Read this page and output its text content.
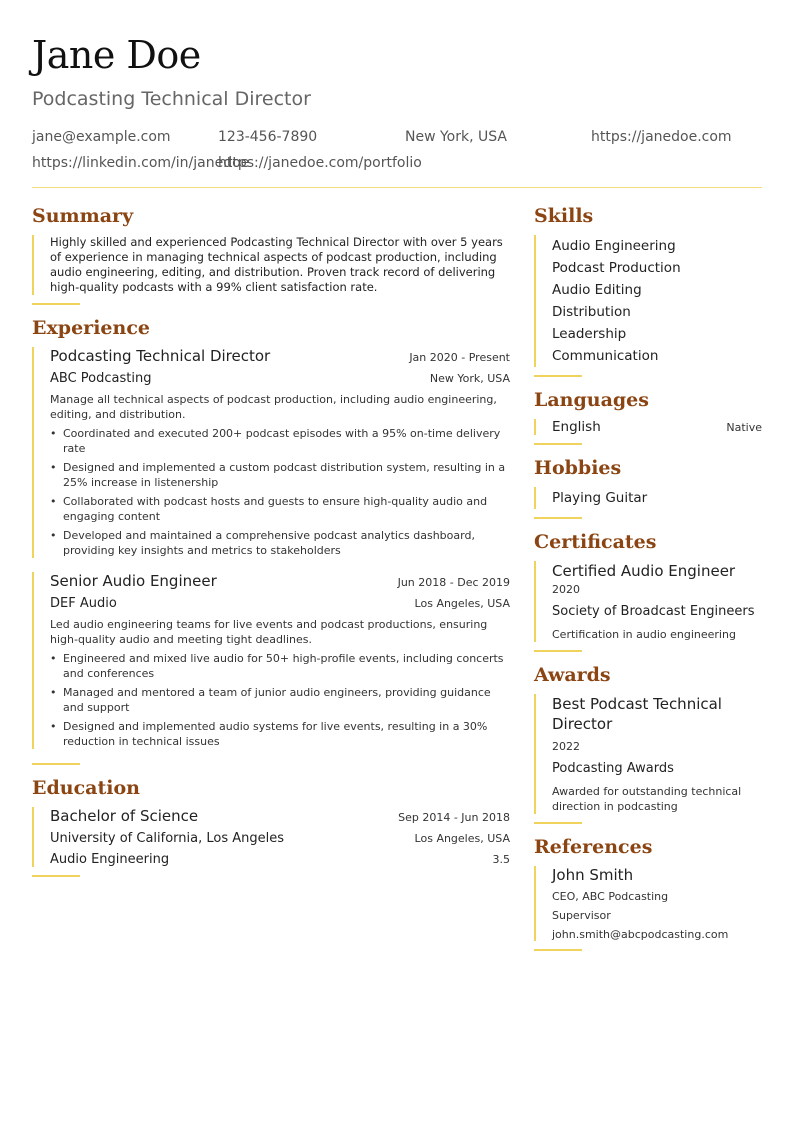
Jane Doe
Podcasting Technical Director
jane@example.com	123-456-7890	New York, USA	https://janedoe.com
https://linkedin.com/in/janedoe
https://janedoe.com/portfolio
Summary
Highly skilled and experienced Podcasting Technical Director with over 5 years of experience in managing technical aspects of podcast production, including audio engineering, editing, and distribution. Proven track record of delivering high-quality podcasts with a 99% client satisfaction rate.
Experience
Podcasting Technical Director	Jan 2020 - Present
ABC Podcasting	New York, USA
Manage all technical aspects of podcast production, including audio engineering, editing, and distribution.
• Coordinated and executed 200+ podcast episodes with a 95% on-time delivery rate
• Designed and implemented a custom podcast distribution system, resulting in a 25% increase in listenership
• Collaborated with podcast hosts and guests to ensure high-quality audio and engaging content
• Developed and maintained a comprehensive podcast analytics dashboard, providing key insights and metrics to stakeholders
Senior Audio Engineer	Jun 2018 - Dec 2019
DEF Audio	Los Angeles, USA
Led audio engineering teams for live events and podcast productions, ensuring high-quality audio and meeting tight deadlines.
• Engineered and mixed live audio for 50+ high-profile events, including concerts and conferences
• Managed and mentored a team of junior audio engineers, providing guidance and support
• Designed and implemented audio systems for live events, resulting in a 30% reduction in technical issues
Education
Bachelor of Science	Sep 2014 - Jun 2018
University of California, Los Angeles	Los Angeles, USA
Audio Engineering	3.5
Skills
Audio Engineering
Podcast Production
Audio Editing
Distribution
Leadership
Communication
Languages
English	Native
Hobbies
Playing Guitar
Certificates
Certified Audio Engineer
2020
Society of Broadcast Engineers
Certification in audio engineering
Awards
Best Podcast Technical Director
2022
Podcasting Awards
Awarded for outstanding technical direction in podcasting
References
John Smith
CEO, ABC Podcasting
Supervisor
john.smith@abcpodcasting.com
